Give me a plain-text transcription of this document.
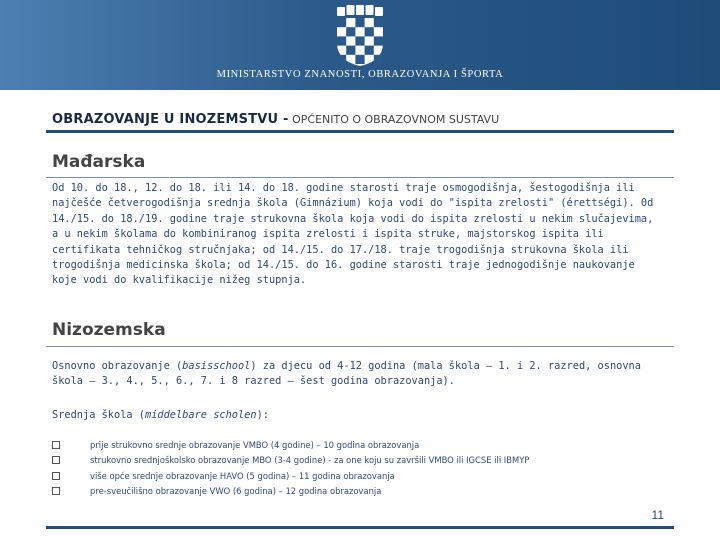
MINISTARSTVO ZNANOSTI, OBRAZOVANJA I ŠPORTA
OBRAZOVANJE U INOZEMSTVU - OPĆENITO O OBRAZOVNOM SUSTAVU
Mađarska
Od 10. do 18., 12. do 18. ili 14. do 18. godine starosti traje osmogodišnja, šestogodišnja ili najčešće četverogodišnja srednja škola (Gimnázium) koja vodi do "ispita zrelosti" (érettségi). 0d 14./15. do 18./19. godine traje strukovna škola koja vodi do ispita zrelosti u nekim slučajevima, a u nekim školama do kombiniranog ispita zrelosti i ispita struke, majstorskog ispita ili certifikata tehničkog stručnjaka; od 14./15. do 17./18. traje trogodišnja strukovna škola ili trogodišnja medicinska škola; od 14./15. do 16. godine starosti traje jednogodišnje naukovanje koje vodi do kvalifikacije nižeg stupnja.
Nizozemska
Osnovno obrazovanje (basisschool) za djecu od 4-12 godina (mala škola – 1. i 2. razred, osnovna škola – 3., 4., 5., 6., 7. i 8 razred – šest godina obrazovanja).
Srednja škola (middelbare scholen):
prije strukovno srednje obrazovanje VMBO (4 godine) – 10 godina obrazovanja
strukovno srednjoškolsko obrazovanje MBO (3-4 godine) - za one koju su završili VMBO ili IGCSE ili IBMYP
više opće srednje obrazovanje HAVO (5 godina) – 11 godina obrazovanja
pre-sveučilišno obrazovanje VWO (6 godina) – 12 godina obrazovanja
11
